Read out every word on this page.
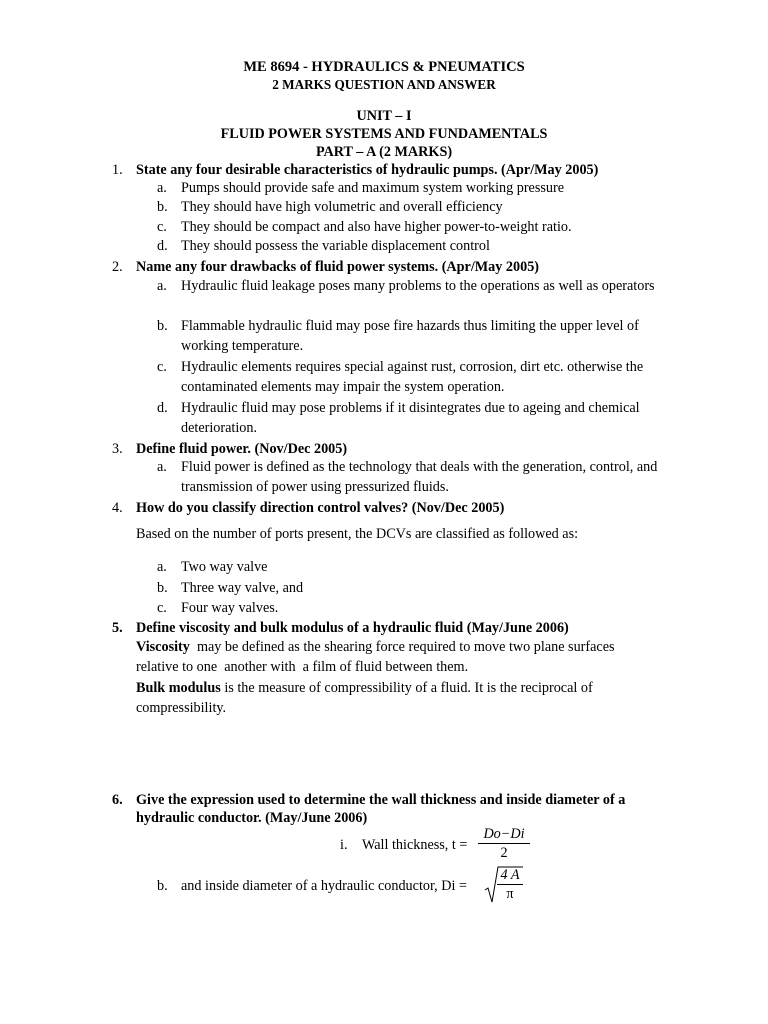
ME 8694 - HYDRAULICS & PNEUMATICS
2 MARKS QUESTION AND ANSWER
UNIT – I
FLUID POWER SYSTEMS AND FUNDAMENTALS
PART – A (2 MARKS)
1. State any four desirable characteristics of hydraulic pumps. (Apr/May 2005)
a. Pumps should provide safe and maximum system working pressure
b. They should have high volumetric and overall efficiency
c. They should be compact and also have higher power-to-weight ratio.
d. They should possess the variable displacement control
2. Name any four drawbacks of fluid power systems. (Apr/May 2005)
a. Hydraulic fluid leakage poses many problems to the operations as well as operators
b. Flammable hydraulic fluid may pose fire hazards thus limiting the upper level of working temperature.
c. Hydraulic elements requires special against rust, corrosion, dirt etc. otherwise the contaminated elements may impair the system operation.
d. Hydraulic fluid may pose problems if it disintegrates due to ageing and chemical deterioration.
3. Define fluid power. (Nov/Dec 2005)
a. Fluid power is defined as the technology that deals with the generation, control, and transmission of power using pressurized fluids.
4. How do you classify direction control valves? (Nov/Dec 2005)
Based on the number of ports present, the DCVs are classified as followed as:
a. Two way valve
b. Three way valve, and
c. Four way valves.
5. Define viscosity and bulk modulus of a hydraulic fluid (May/June 2006)
Viscosity  may be defined as the shearing force required to move two plane surfaces relative to one  another with  a film of fluid between them.
Bulk modulus is the measure of compressibility of a fluid. It is the reciprocal of compressibility.
6. Give the expression used to determine the wall thickness and inside diameter of a
hydraulic conductor. (May/June 2006)
i. Wall thickness, $t = \frac{Do-Di}{2}$
b. and inside diameter of a hydraulic conductor, $Di = \frac{4 A}{\pi}$
